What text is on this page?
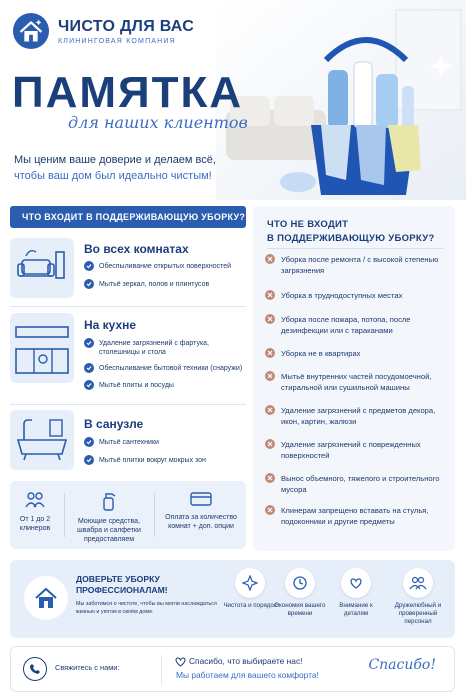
ЧИСТО ДЛЯ ВАС
КЛИНИНГОВАЯ КОМПАНИЯ
ПАМЯТКА
для наших клиентов
Мы ценим ваше доверие и делаем всё,
чтобы ваш дом был идеально чистым!
ЧТО ВХОДИТ В ПОДДЕРЖИВАЮЩУЮ УБОРКУ?
Во всех комнатах
Обеспыливание открытых поверхностей
Мытьё зеркал, полов и плинтусов
На кухне
Удаление загрязнений с фартука, столешницы и стола
Обеспыливание бытовой техники (снаружи)
Мытьё плиты и посуды
В санузле
Мытьё сантехники
Мытьё плитки вокруг мокрых зон
От 1 до 2 клинеров
Моющие средства, швабра и салфетки предоставляем
Оплата за количество комнат + доп. опции
ЧТО НЕ ВХОДИТ
В ПОДДЕРЖИВАЮЩУЮ УБОРКУ?
Уборка после ремонта / с высокой степенью загрязнения
Уборка в труднодоступных местах
Уборка после пожара, потопа, после дезинфекции или с тараканами
Уборка не в квартирах
Мытьё внутренних частей посудомоечной, стиральной или сушильной машины
Удаление загрязнений с предметов декора, икон, картин, жалюзи
Удаление загрязнений с поврежденных поверхностей
Вынос объемного, тяжелого и строительного мусора
Клинерам запрещено вставать на стулья, подоконники и другие предметы
ДОВЕРЬТЕ УБОРКУ
ПРОФЕССИОНАЛАМ!
Мы заботимся о чистоте, чтобы вы могли наслаждаться жизнью и уютом в своём доме.
Чистота и порядок
Экономия вашего времени
Внимание к деталям
Дружелюбный и проверенный персонал
Свяжитесь с нами:
Спасибо, что выбираете нас!
Мы работаем для вашего комфорта!
Спасибо!
